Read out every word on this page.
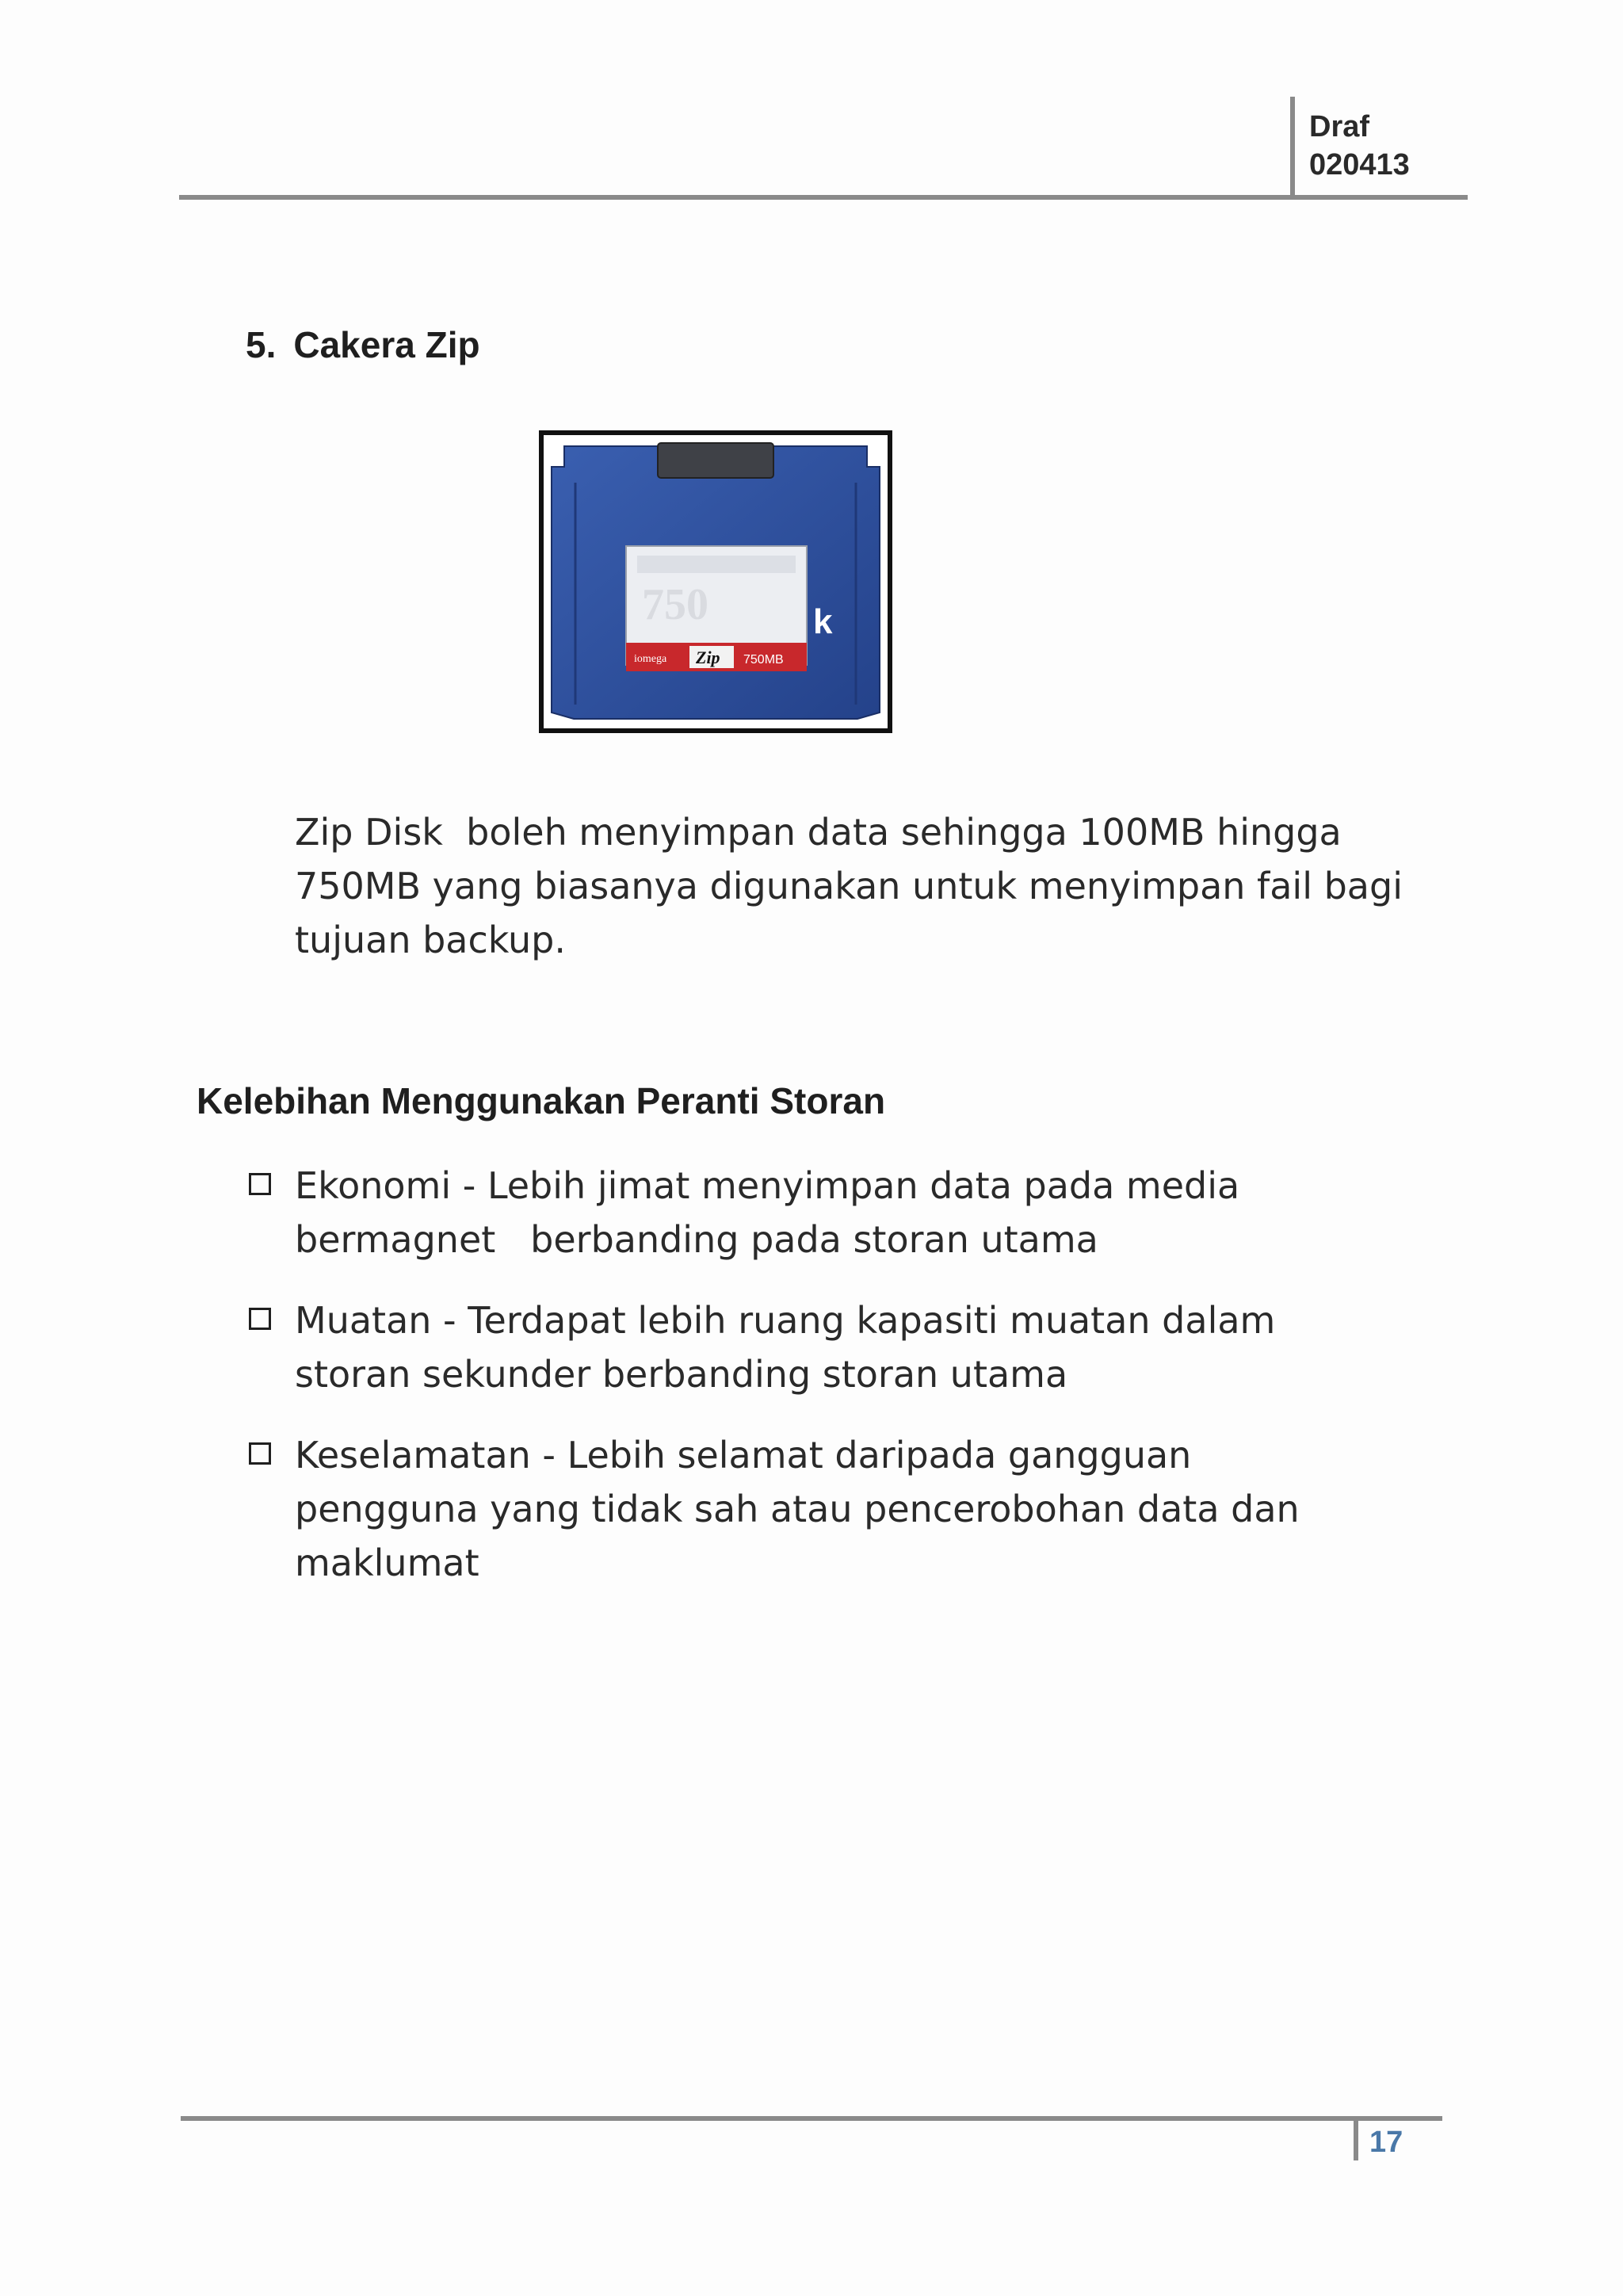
Draf
020413
5. Cakera Zip
750
iomega Zip 750MB
k
Zip Disk  boleh menyimpan data sehingga 100MB hingga
750MB yang biasanya digunakan untuk menyimpan fail bagi
tujuan backup.
Kelebihan Menggunakan Peranti Storan
Ekonomi - Lebih jimat menyimpan data pada media
bermagnet   berbanding pada storan utama
Muatan - Terdapat lebih ruang kapasiti muatan dalam
storan sekunder berbanding storan utama
Keselamatan - Lebih selamat daripada gangguan
pengguna yang tidak sah atau pencerobohan data dan
maklumat
17
